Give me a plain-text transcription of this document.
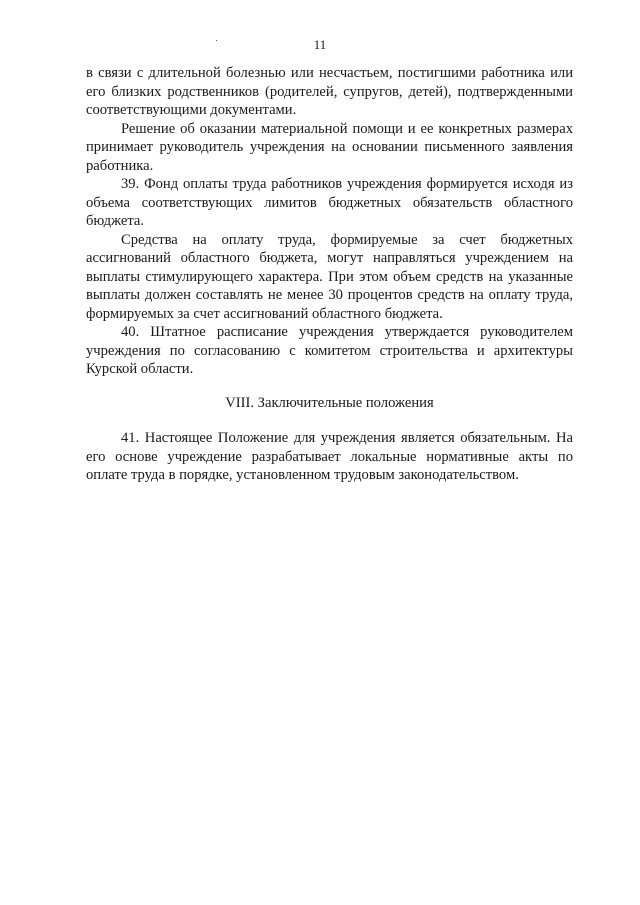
11

в связи с длительной болезнью или несчастьем, постигшими работника или его близких родственников (родителей, супругов, детей), подтвержденными соответствующими документами.

Решение об оказании материальной помощи и ее конкретных размерах принимает руководитель учреждения на основании письменного заявления работника.

39. Фонд оплаты труда работников учреждения формируется исходя из объема соответствующих лимитов бюджетных обязательств областного бюджета.

Средства на оплату труда, формируемые за счет бюджетных ассигнований областного бюджета, могут направляться учреждением на выплаты стимулирующего характера. При этом объем средств на указанные выплаты должен составлять не менее 30 процентов средств на оплату труда, формируемых за счет ассигнований областного бюджета.

40. Штатное расписание учреждения утверждается руководителем учреждения по согласованию с комитетом строительства и архитектуры Курской области.

VIII. Заключительные положения

41. Настоящее Положение для учреждения является обязательным. На его основе учреждение разрабатывает локальные нормативные акты по оплате труда в порядке, установленном трудовым законодательством.
